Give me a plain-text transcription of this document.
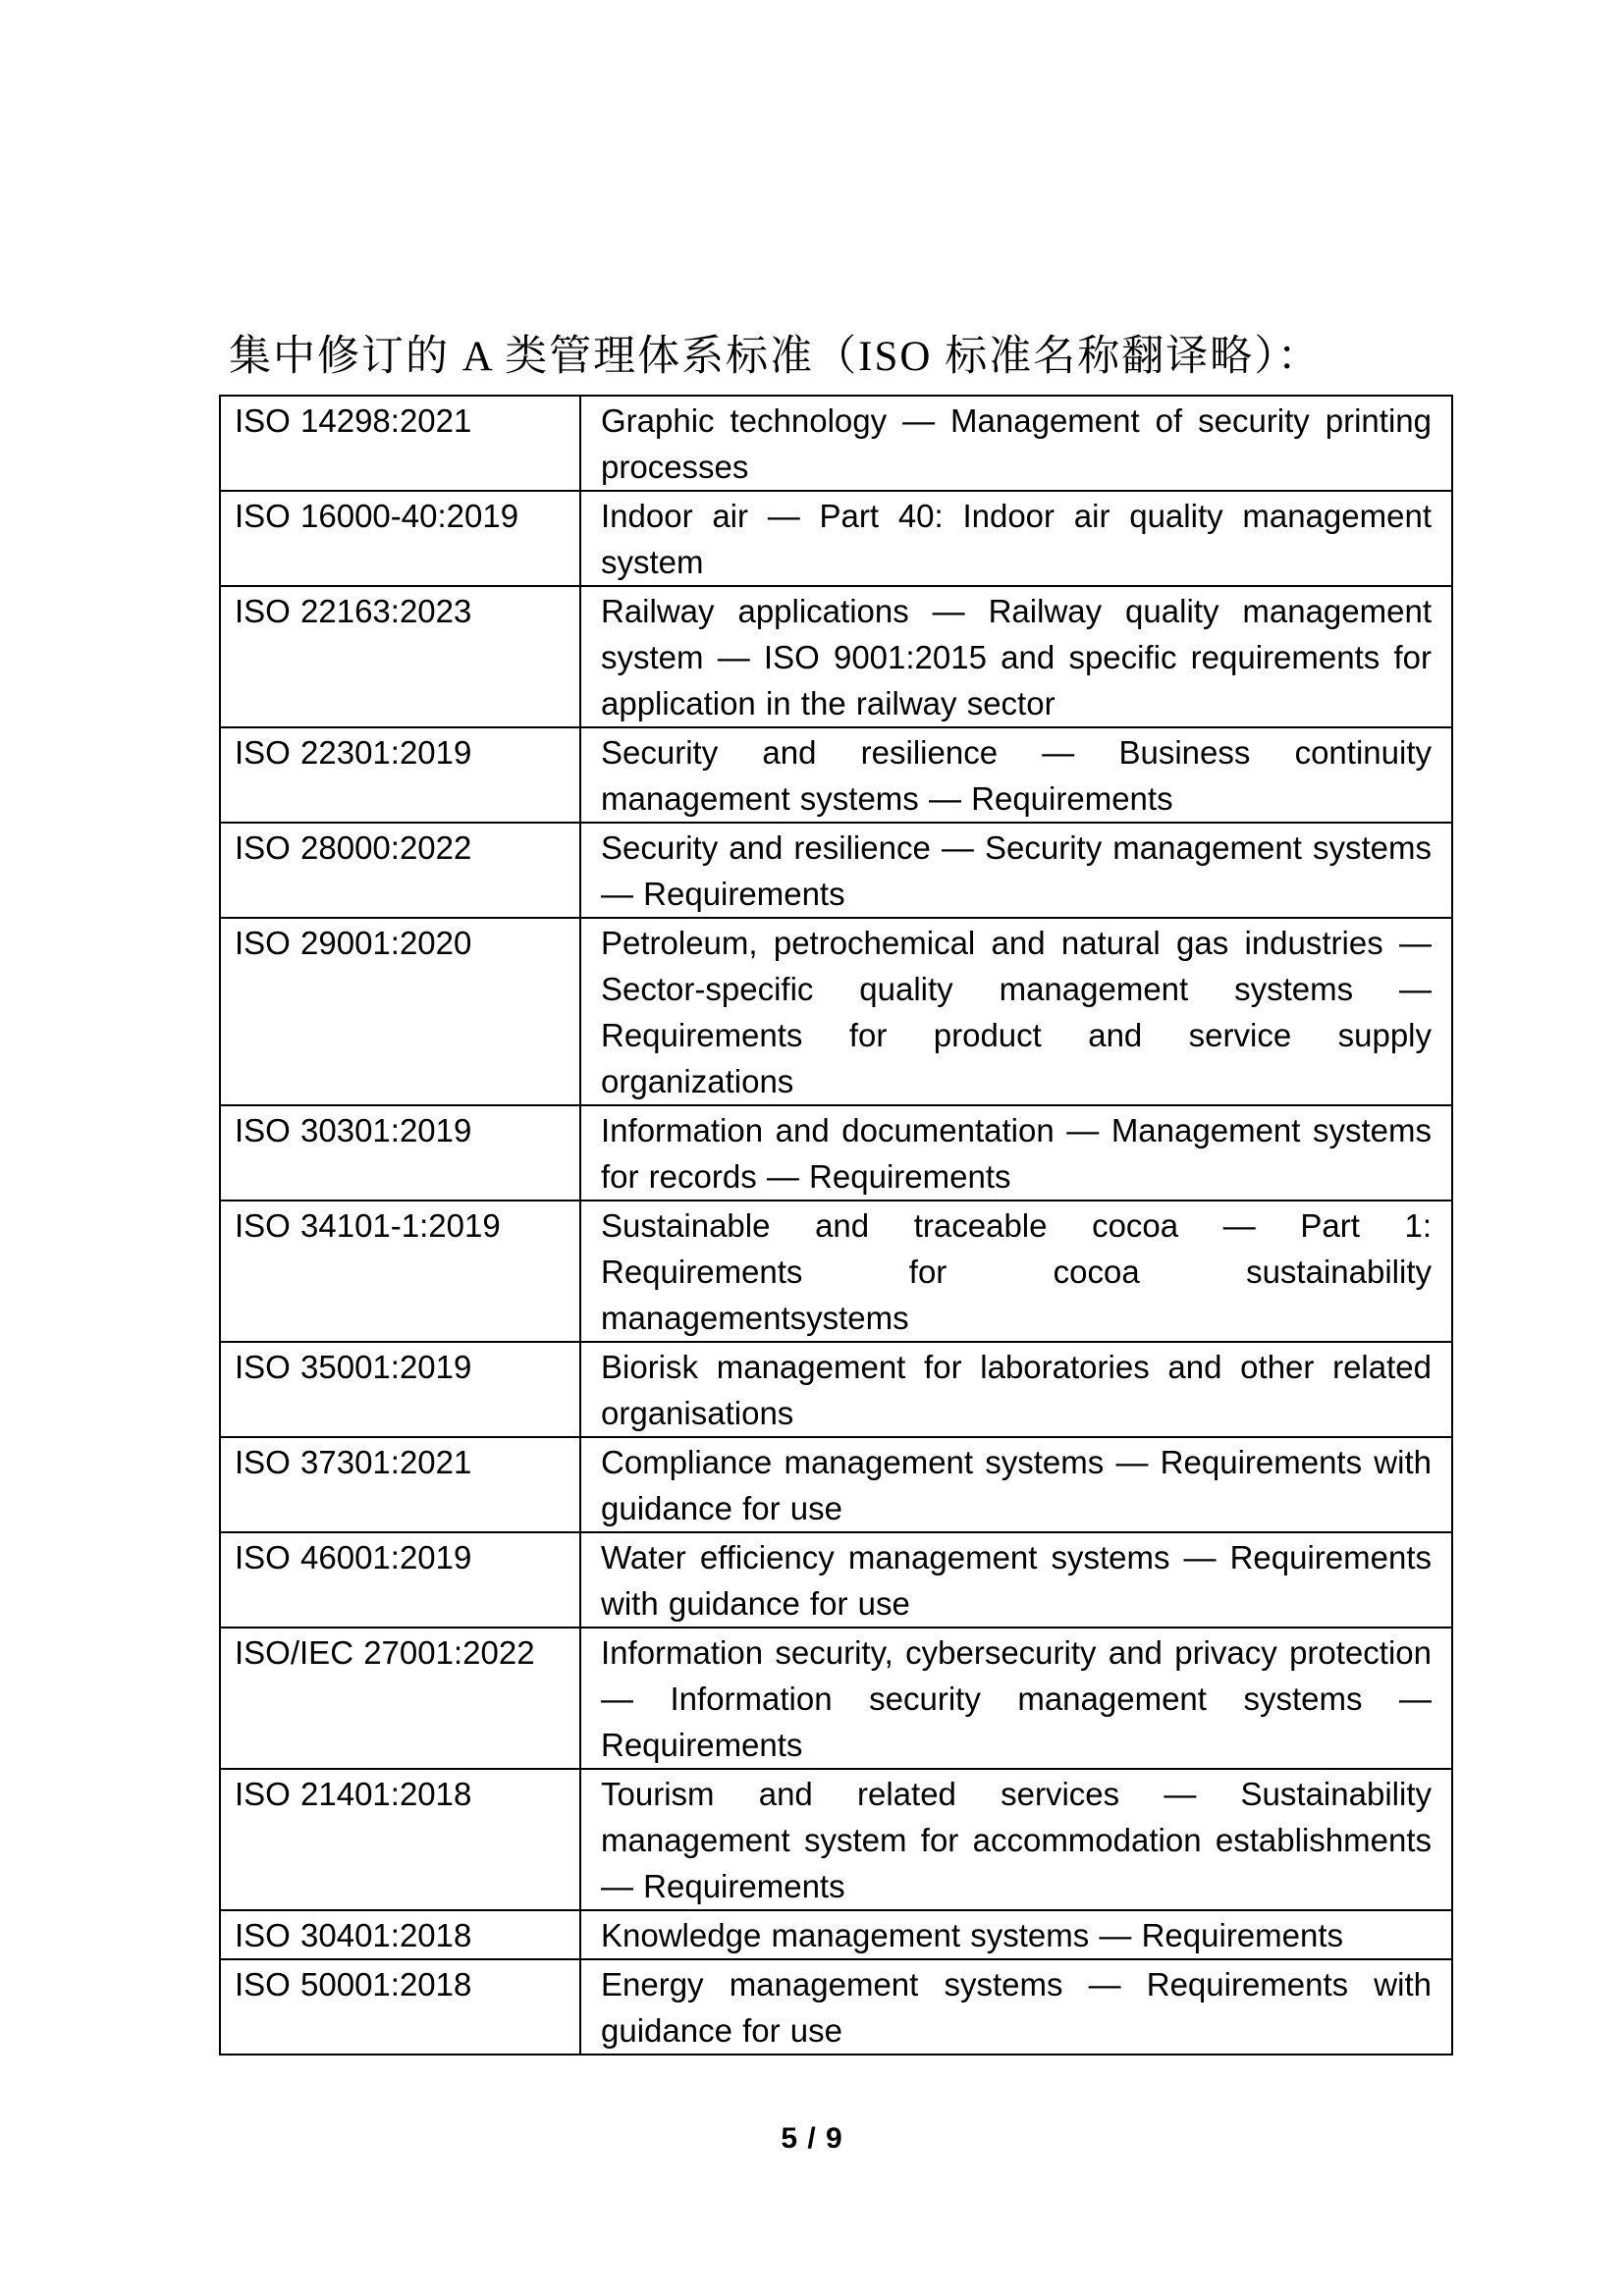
集中修订的 A 类管理体系标准（ISO 标准名称翻译略）：
ISO 14298:2021	Graphic technology — Management of security printing processes
ISO 16000-40:2019	Indoor air — Part 40: Indoor air quality management system
ISO 22163:2023	Railway applications — Railway quality management system — ISO 9001:2015 and specific requirements for application in the railway sector
ISO 22301:2019	Security and resilience — Business continuity management systems — Requirements
ISO 28000:2022	Security and resilience — Security management systems — Requirements
ISO 29001:2020	Petroleum, petrochemical and natural gas industries — Sector-specific quality management systems — Requirements for product and service supply organizations
ISO 30301:2019	Information and documentation — Management systems for records — Requirements
ISO 34101-1:2019	Sustainable and traceable cocoa — Part 1: Requirements for cocoa sustainability managementsystems
ISO 35001:2019	Biorisk management for laboratories and other related organisations
ISO 37301:2021	Compliance management systems — Requirements with guidance for use
ISO 46001:2019	Water efficiency management systems — Requirements with guidance for use
ISO/IEC 27001:2022	Information security, cybersecurity and privacy protection — Information security management systems — Requirements
ISO 21401:2018	Tourism and related services — Sustainability management system for accommodation establishments — Requirements
ISO 30401:2018	Knowledge management systems — Requirements
ISO 50001:2018	Energy management systems — Requirements with guidance for use
5 / 9
